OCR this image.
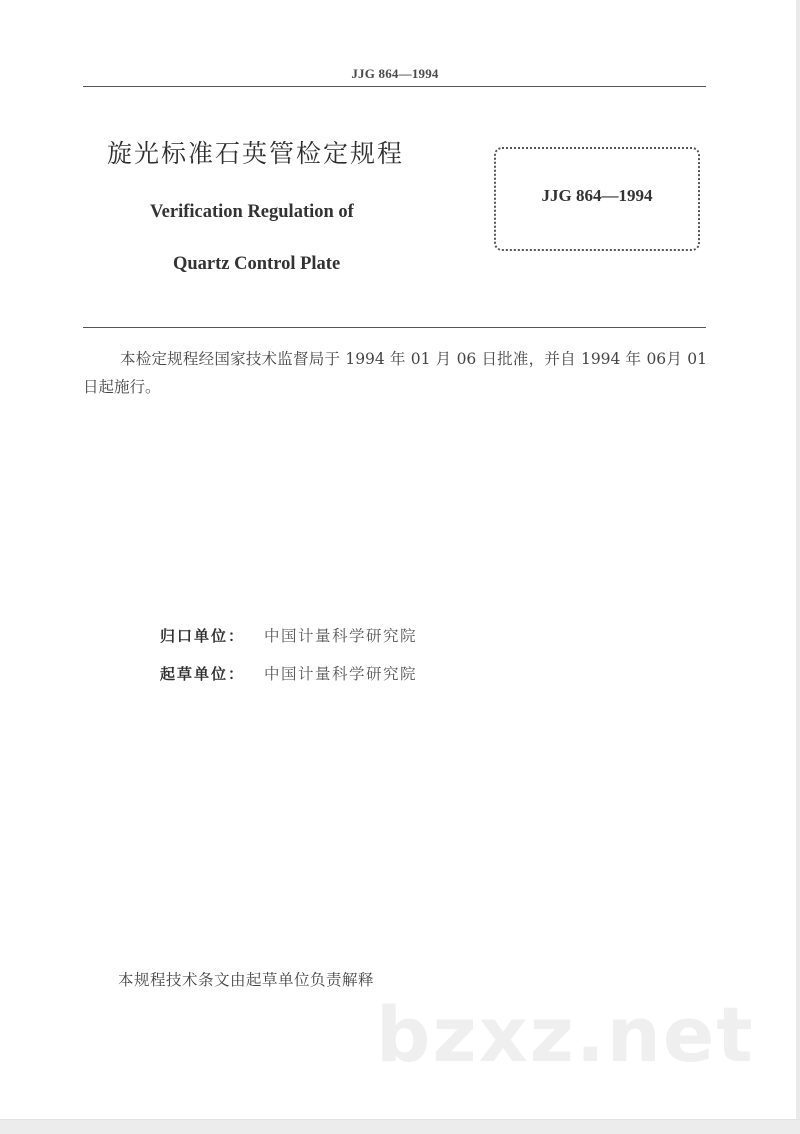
JJG 864—1994
旋光标准石英管检定规程
Verification Regulation of
Quartz Control Plate
JJG 864—1994

本检定规程经国家技术监督局于 1994 年 01 月 06 日批准，并自 1994 年 06月 01 日起施行。

归口单位：	中国计量科学研究院
起草单位：	中国计量科学研究院
本规程技术条文由起草单位负责解释
bzxz.net
